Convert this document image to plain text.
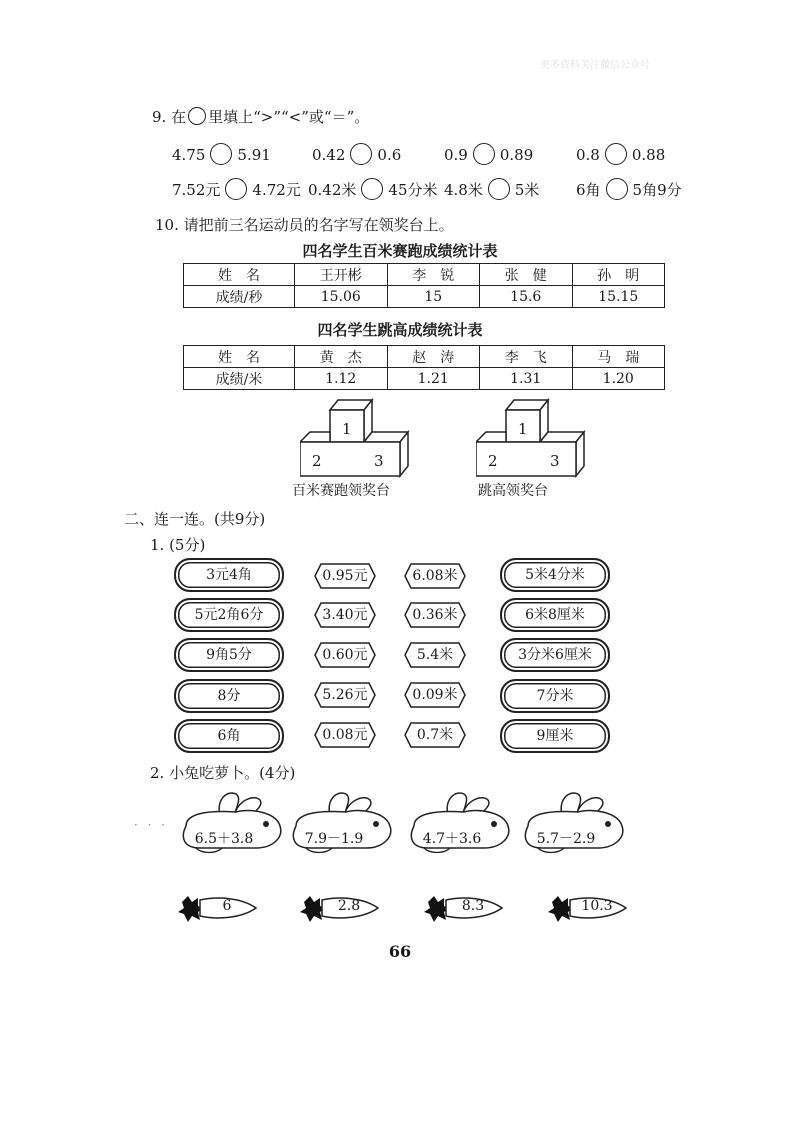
更多资料关注微信公众号
9. 在 里填上“>”“<”或“＝”。
4.75 5.91	0.42 0.6	0.9 0.89	0.8 0.88
7.52元 4.72元 0.42米 45分米 4.8米 5米 6角 5角9分
10. 请把前三名运动员的名字写在领奖台上。
四名学生百米赛跑成绩统计表
姓　名	王开彬	李　锐	张　健	孙　明
成绩/秒	15.06	15	15.6	15.15
四名学生跳高成绩统计表
姓　名	黄　杰	赵　涛	李　飞	马　瑞
成绩/米	1.12	1.21	1.31	1.20
1
2	3
百米赛跑领奖台
1
2	3
跳高领奖台
二、连一连。(共9分)
1. (5分)
3元4角
5元2角6分
9角5分
8分
6角
0.95元
3.40元
0.60元
5.26元
0.08元
6.08米
0.36米
5.4米
0.09米
0.7米
5米4分米
6米8厘米
3分米6厘米
7分米
9厘米
2. 小兔吃萝卜。(4分)
· · ·
6.5＋3.8	7.9－1.9	4.7＋3.6	5.7－2.9
6	2.8	8.3	10.3
66
